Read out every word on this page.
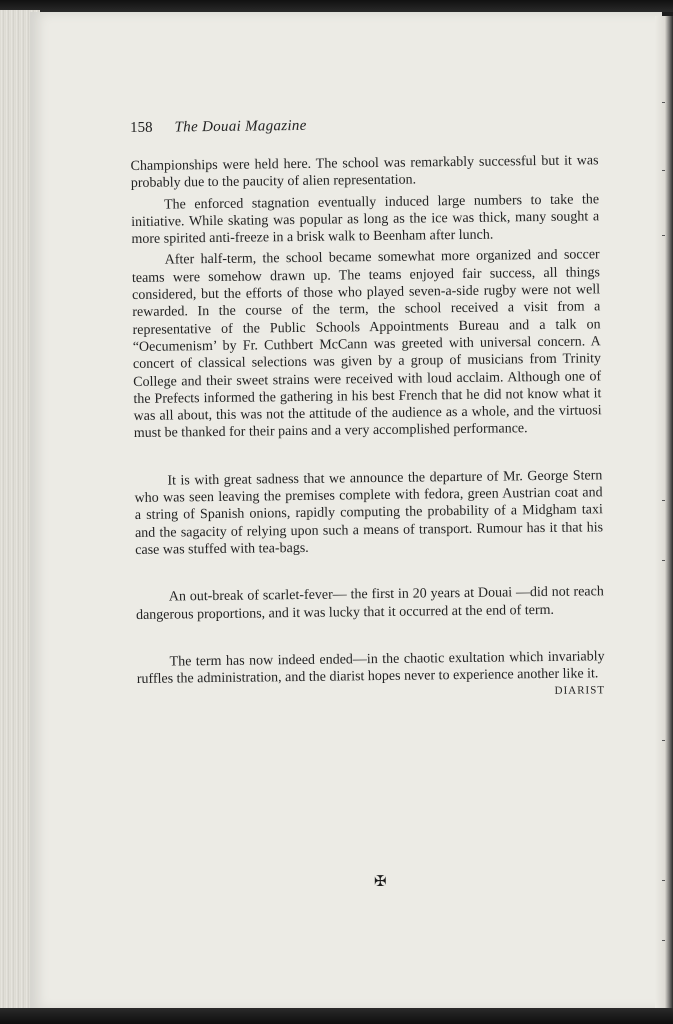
158 The Douai Magazine

Championships were held here. The school was remarkably successful but it was probably due to the paucity of alien representation.

The enforced stagnation eventually induced large numbers to take the initiative. While skating was popular as long as the ice was thick, many sought a more spirited anti-freeze in a brisk walk to Beenham after lunch.

After half-term, the school became somewhat more organized and soccer teams were somehow drawn up. The teams enjoyed fair success, all things considered, but the efforts of those who played seven-a-side rugby were not well rewarded. In the course of the term, the school received a visit from a representative of the Public Schools Appointments Bureau and a talk on “Oecumenism’ by Fr. Cuthbert McCann was greeted with universal concern. A concert of classical selections was given by a group of musicians from Trinity College and their sweet strains were received with loud acclaim. Although one of the Prefects informed the gathering in his best French that he did not know what it was all about, this was not the attitude of the audience as a whole, and the virtuosi must be thanked for their pains and a very accomplished performance.

It is with great sadness that we announce the departure of Mr. George Stern who was seen leaving the premises complete with fedora, green Austrian coat and a string of Spanish onions, rapidly computing the probability of a Midgham taxi and the sagacity of relying upon such a means of transport. Rumour has it that his case was stuffed with tea-bags.

An out-break of scarlet-fever— the first in 20 years at Douai —did not reach dangerous proportions, and it was lucky that it occurred at the end of term.

The term has now indeed ended—in the chaotic exultation which invariably ruffles the administration, and the diarist hopes never to experience another like it.

DIARIST
✠
